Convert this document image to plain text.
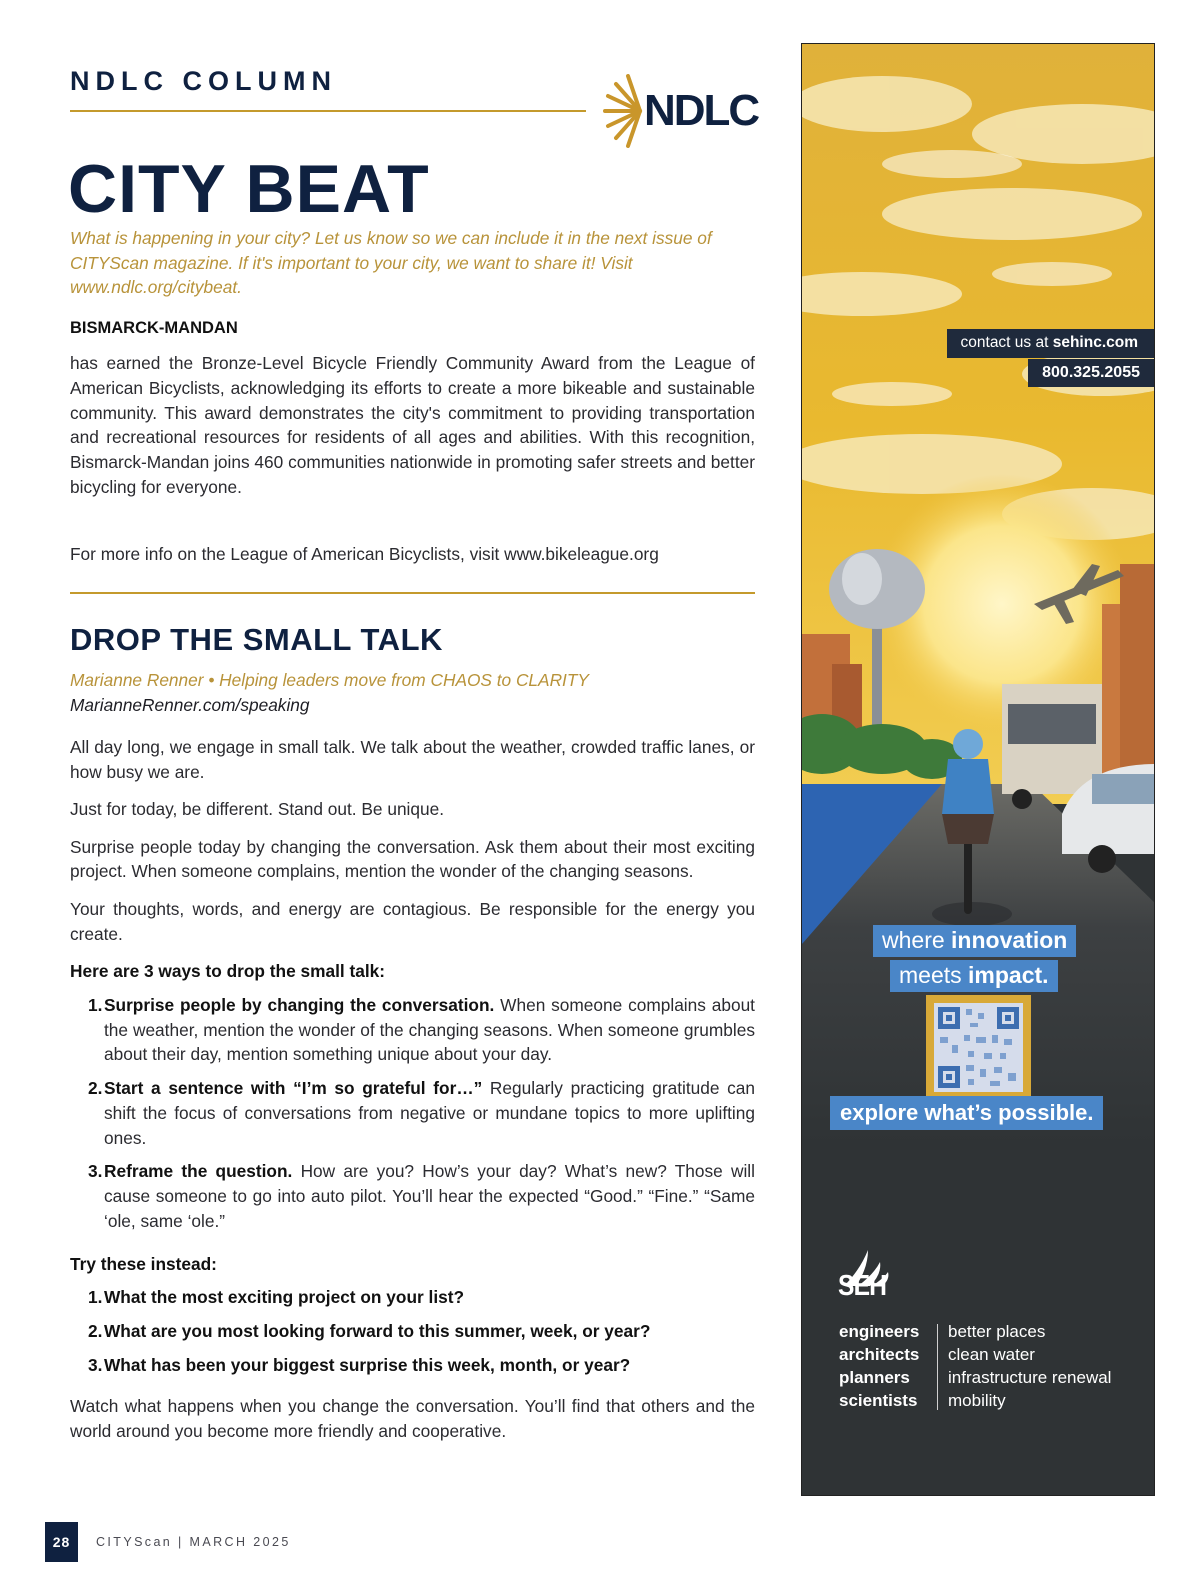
NDLC COLUMN
NDLC
CITY BEAT

What is happening in your city? Let us know so we can include it in the next issue of CITYScan magazine. If it's important to your city, we want to share it! Visit www.ndlc.org/citybeat.

BISMARCK-MANDAN

has earned the Bronze-Level Bicycle Friendly Community Award from the League of American Bicyclists, acknowledging its efforts to create a more bikeable and sustainable community. This award demonstrates the city's commitment to providing transportation and recreational resources for residents of all ages and abilities. With this recognition, Bismarck-Mandan joins 460 communities nationwide in promoting safer streets and better bicycling for everyone.

For more info on the League of American Bicyclists, visit www.bikeleague.org

DROP THE SMALL TALK
Marianne Renner • Helping leaders move from CHAOS to CLARITY
MarianneRenner.com/speaking

All day long, we engage in small talk. We talk about the weather, crowded traffic lanes, or how busy we are.

Just for today, be different. Stand out. Be unique.

Surprise people today by changing the conversation. Ask them about their most exciting project. When someone complains, mention the wonder of the changing seasons.

Your thoughts, words, and energy are contagious. Be responsible for the energy you create.

Here are 3 ways to drop the small talk:
1. Surprise people by changing the conversation. When someone complains about the weather, mention the wonder of the changing seasons. When someone grumbles about their day, mention something unique about your day.
2. Start a sentence with “I’m so grateful for…” Regularly practicing gratitude can shift the focus of conversations from negative or mundane topics to more uplifting ones.
3. Reframe the question. How are you? How’s your day? What’s new? Those will cause someone to go into auto pilot. You’ll hear the expected “Good.” “Fine.” “Same ‘ole, same ‘ole.”
Try these instead:
1. What the most exciting project on your list?
2. What are you most looking forward to this summer, week, or year?
3. What has been your biggest surprise this week, month, or year?

Watch what happens when you change the conversation. You’ll find that others and the world around you become more friendly and cooperative.

28	CITYScan | MARCH 2025
contact us at sehinc.com
800.325.2055
where innovation
meets impact.
explore what’s possible.
SEH
engineers
architects
planners
scientists
better places
clean water
infrastructure renewal
mobility
